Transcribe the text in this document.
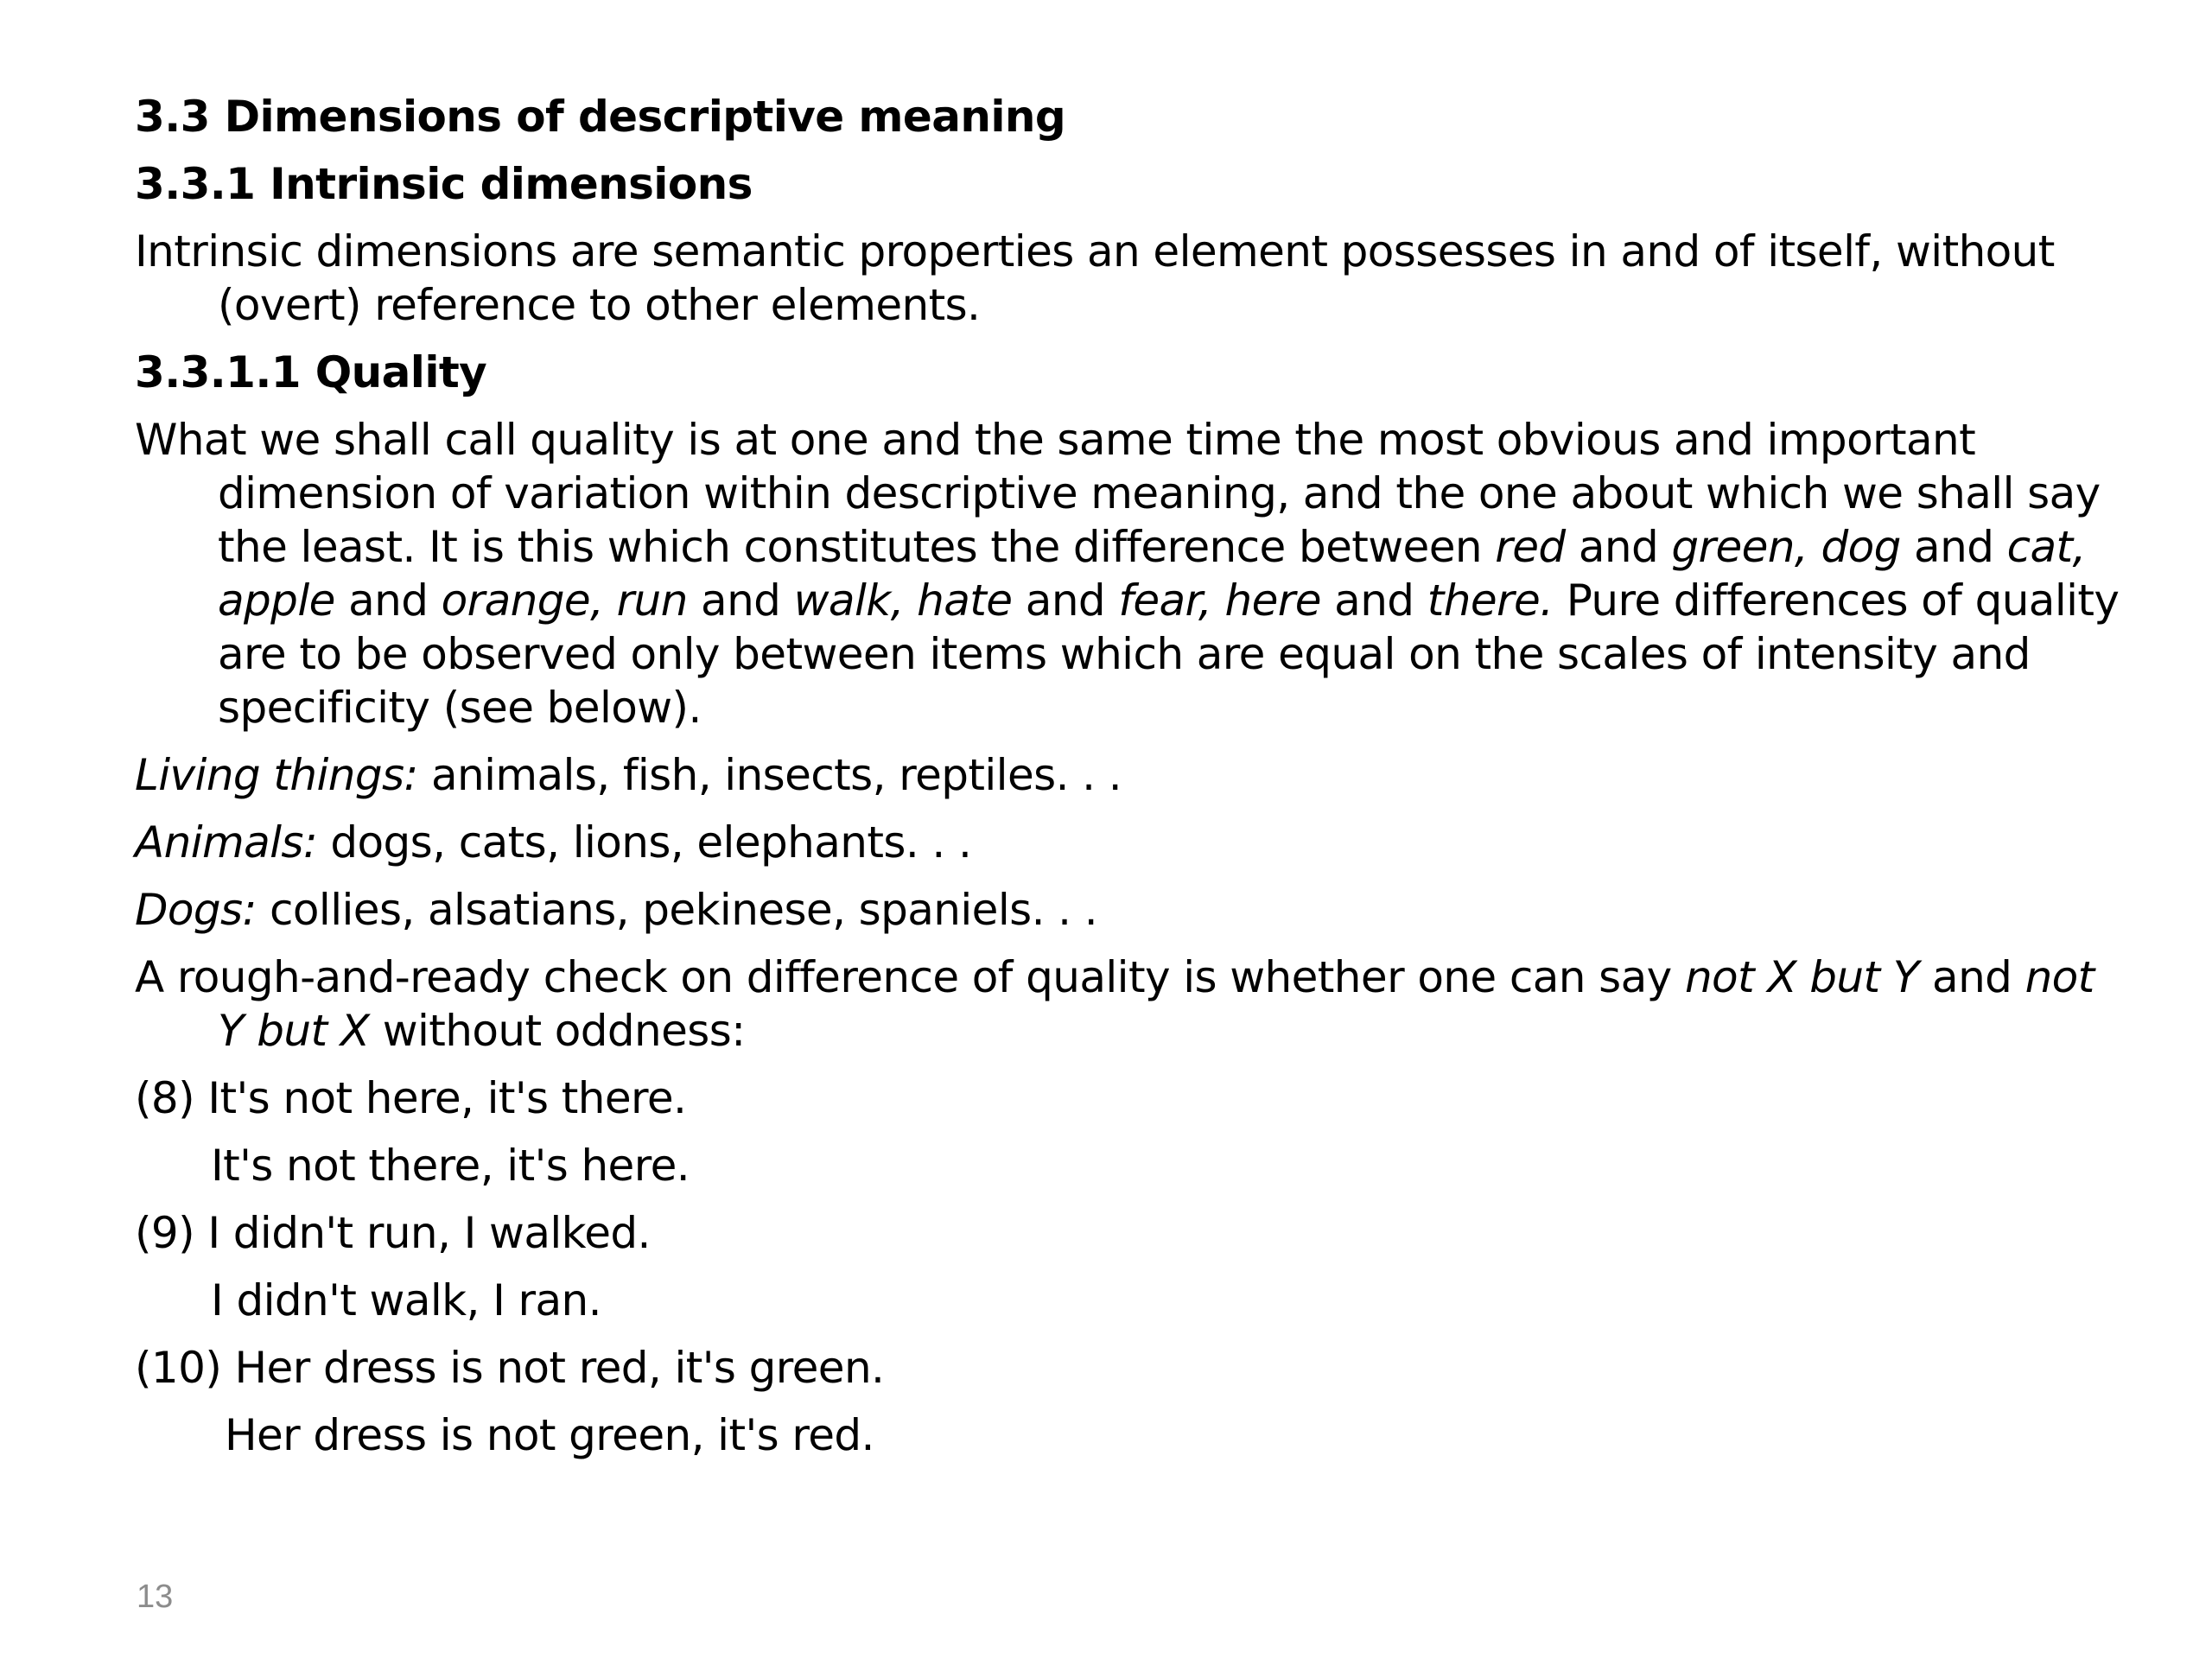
3.3 Dimensions of descriptive meaning
3.3.1 Intrinsic dimensions
Intrinsic dimensions are semantic properties an element possesses in and of itself, without (overt) reference to other elements.
3.3.1.1 Quality
What we shall call quality is at one and the same time the most obvious and important dimension of variation within descriptive meaning, and the one about which we shall say the least. It is this which constitutes the difference between red and green, dog and cat, apple and orange, run and walk, hate and fear, here and there. Pure differences of quality are to be observed only between items which are equal on the scales of intensity and specificity (see below).
Living things: animals, fish, insects, reptiles. . .
Animals: dogs, cats, lions, elephants. . .
Dogs: collies, alsatians, pekinese, spaniels. . .
A rough-and-ready check on difference of quality is whether one can say not X but Y and not Y but X without oddness:
(8) It's not here, it's there.
It's not there, it's here.
(9) I didn't run, I walked.
I didn't walk, I ran.
(10) Her dress is not red, it's green.
Her dress is not green, it's red.
13
